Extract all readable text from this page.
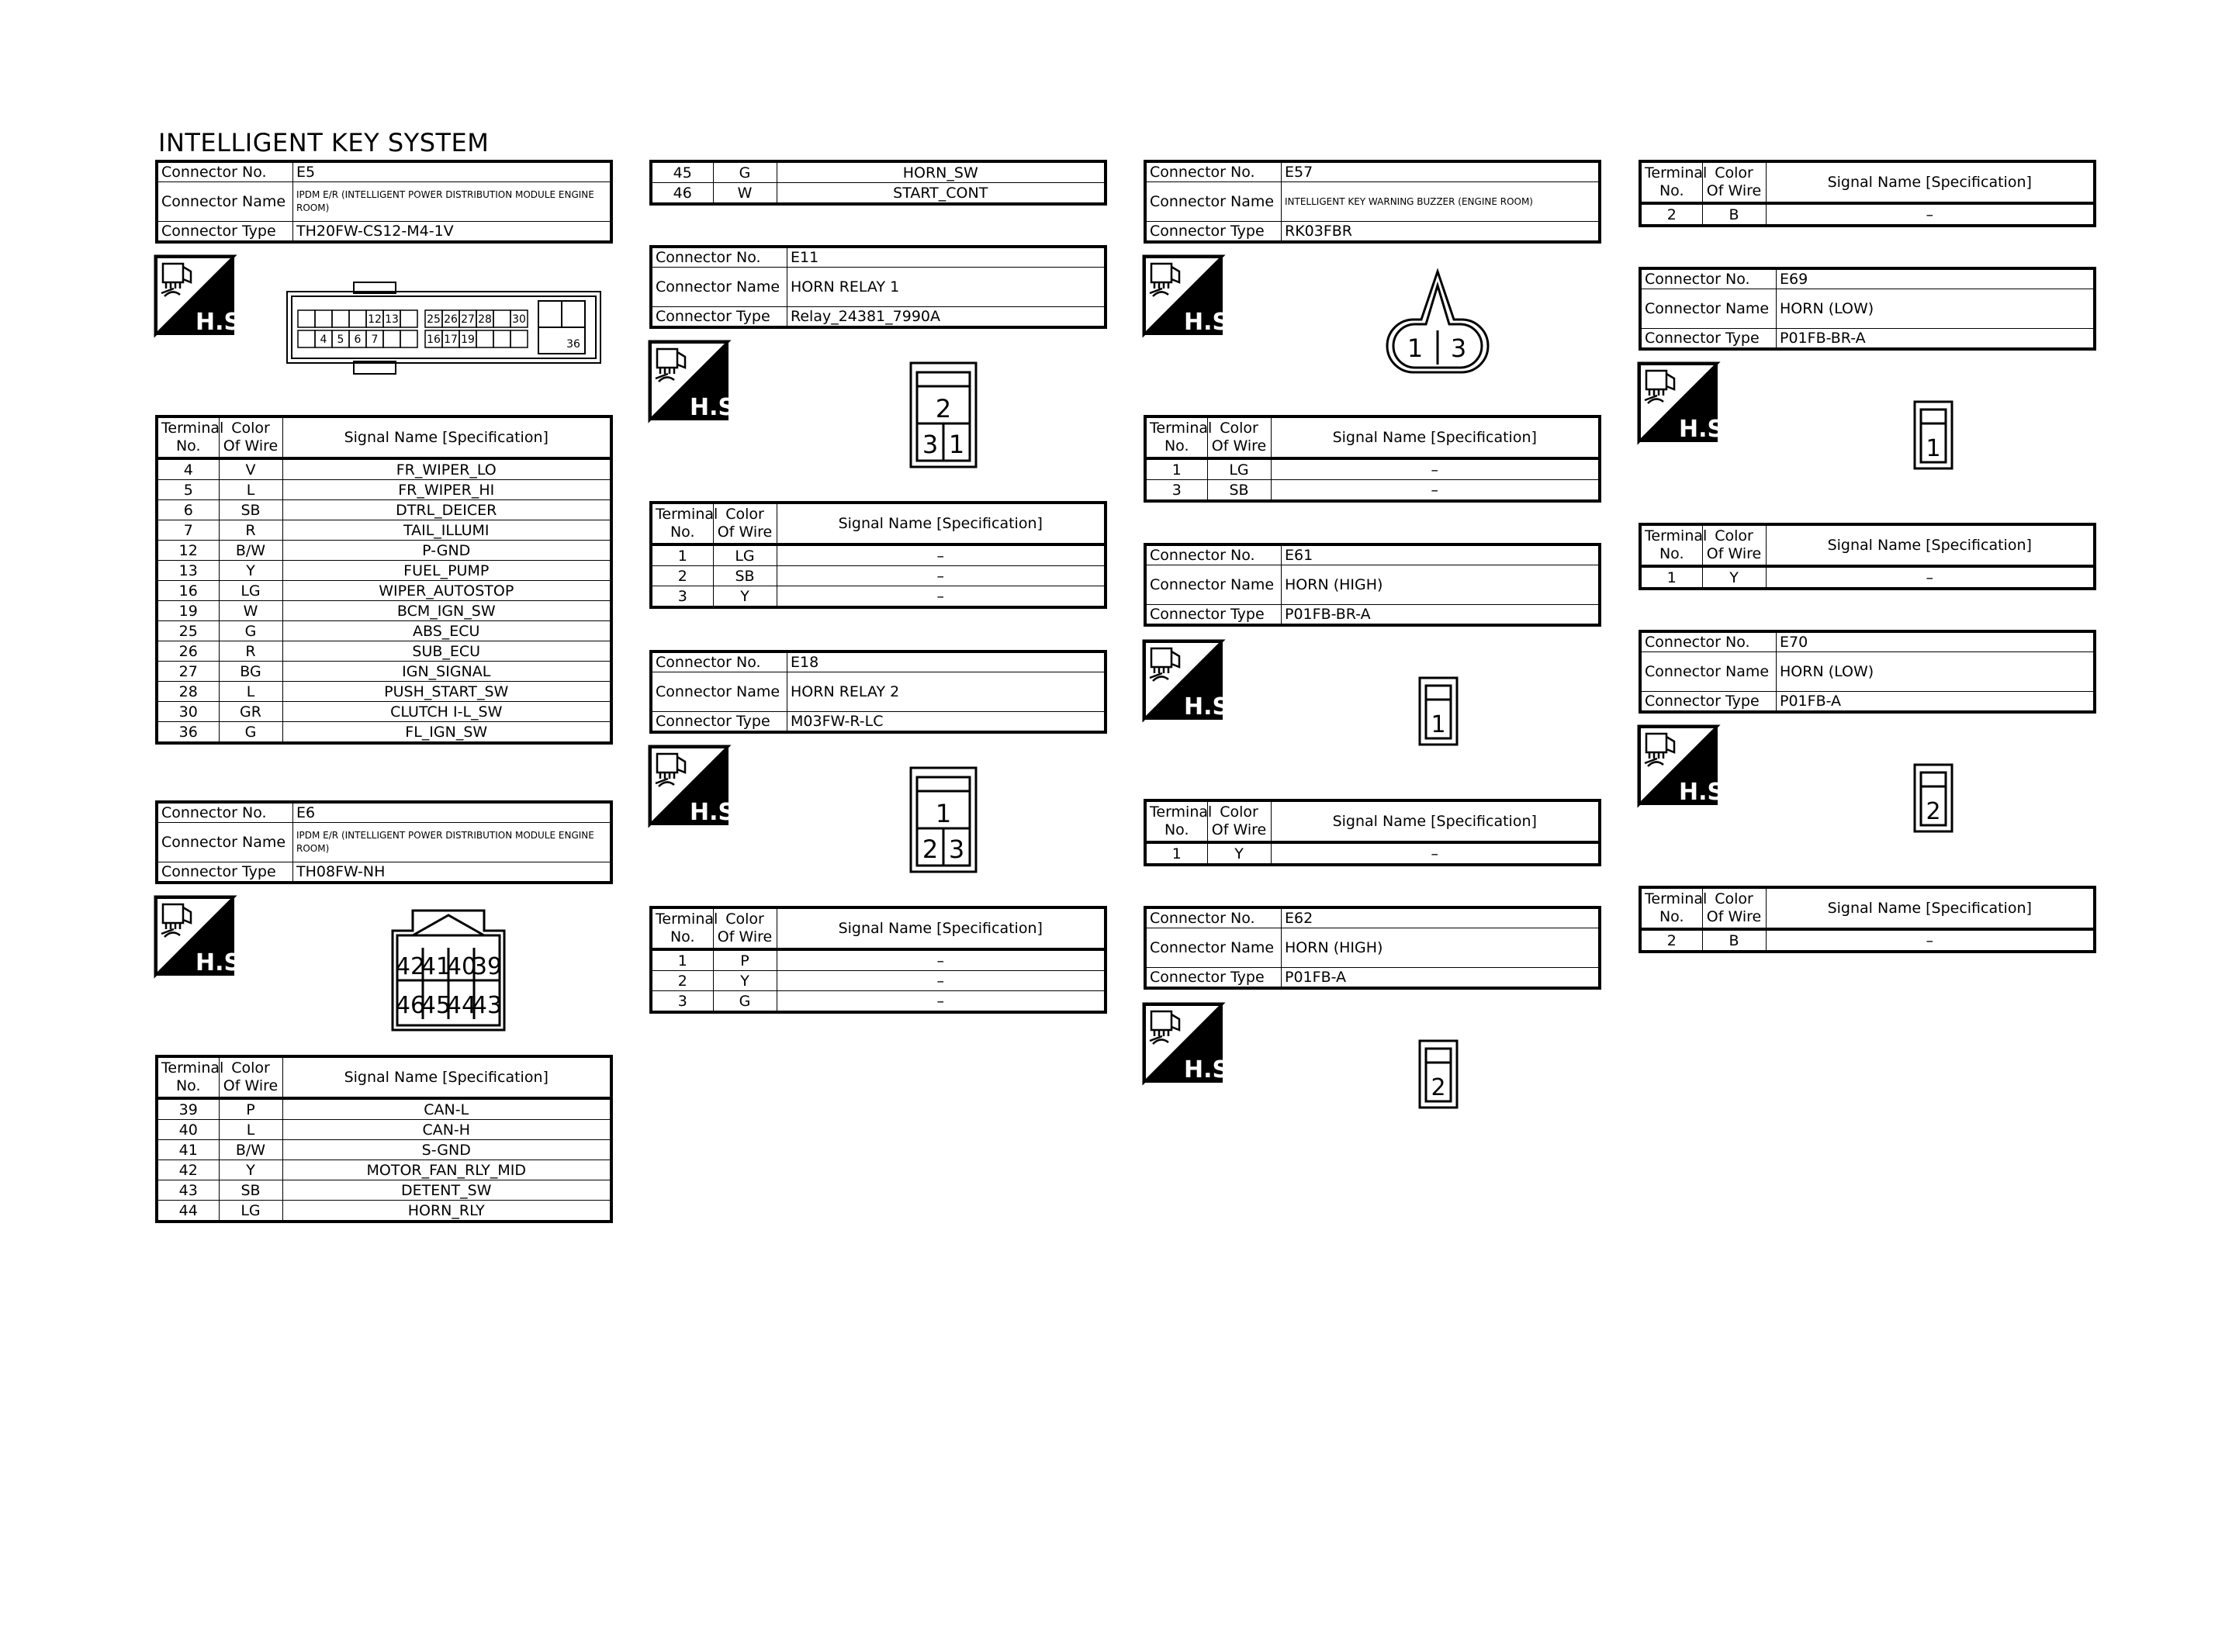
INTELLIGENT KEY SYSTEM
Connector No.	E5
Connector Name	IPDM E/R (INTELLIGENT POWER DISTRIBUTION MODULE ENGINE ROOM)
Connector Type	TH20FW-CS12-M4-1V
H.S.	12 13	25 26 27 28 30
4 5 6 7	16 17 19	36
Terminal No.	Color Of Wire	Signal Name [Specification]
4	V	FR_WIPER_LO
5	L	FR_WIPER_HI
6	SB	DTRL_DEICER
7	R	TAIL_ILLUMI
12	B/W	P-GND
13	Y	FUEL_PUMP
16	LG	WIPER_AUTOSTOP
19	W	BCM_IGN_SW
25	G	ABS_ECU
26	R	SUB_ECU
27	BG	IGN_SIGNAL
28	L	PUSH_START_SW
30	GR	CLUTCH I-L_SW
36	G	FL_IGN_SW
Connector No.	E6
Connector Name	IPDM E/R (INTELLIGENT POWER DISTRIBUTION MODULE ENGINE ROOM)
Connector Type	TH08FW-NH
H.S.	42
41
40
39
46
45
44
43
Terminal No.	Color Of Wire	Signal Name [Specification]
39	P	CAN-L
40	L	CAN-H
41	B/W	S-GND
42	Y	MOTOR_FAN_RLY_MID
43	SB	DETENT_SW
44	LG	HORN_RLY
45	G	HORN_SW
46	W	START_CONT
Connector No.	E11
Connector Name	HORN RELAY 1
Connector Type	Relay_24381_7990A
H.S.	2
3 1
Terminal No.	Color Of Wire	Signal Name [Specification]
1	LG	–
2	SB	–
3	Y	–
Connector No.	E18
Connector Name	HORN RELAY 2
Connector Type	M03FW-R-LC
H.S.	1
2 3
Terminal No.	Color Of Wire	Signal Name [Specification]
1	P	–
2	Y	–
3	G	–
Connector No.	E57
Connector Name	INTELLIGENT KEY WARNING BUZZER (ENGINE ROOM)
Connector Type	RK03FBR
H.S.
1 3
Terminal No.	Color Of Wire	Signal Name [Specification]
1	LG	–
3	SB	–
Connector No.	E61
Connector Name	HORN (HIGH)
Connector Type	P01FB-BR-A
H.S.
1
Terminal No.	Color Of Wire	Signal Name [Specification]
1	Y	–
Connector No.	E62
Connector Name	HORN (HIGH)
Connector Type	P01FB-A
H.S.
2
Terminal No.	Color Of Wire	Signal Name [Specification]
2	B	–
Connector No.	E69
Connector Name	HORN (LOW)
Connector Type	P01FB-BR-A
H.S.
1
Terminal No.	Color Of Wire	Signal Name [Specification]
1	Y	–
Connector No.	E70
Connector Name	HORN (LOW)
Connector Type	P01FB-A
H.S.
2
Terminal No.	Color Of Wire	Signal Name [Specification]
2	B	–
